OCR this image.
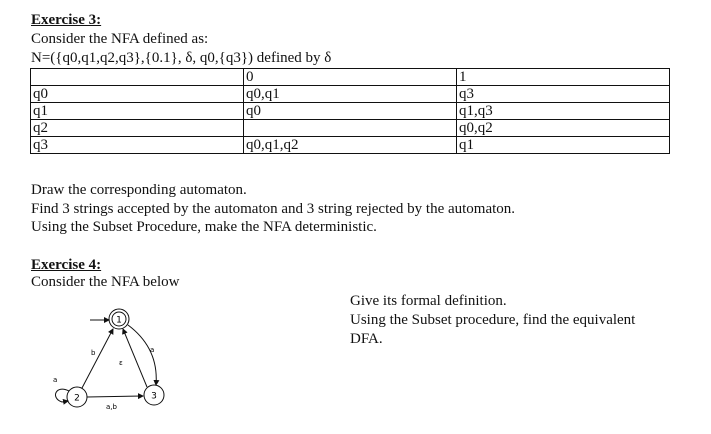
Exercise 3:
Consider the NFA defined as:
N=({q0,q1,q2,q3},{0.1}, δ, q0,{q3}) defined by δ
	0	1
q0	q0,q1	q3
q1	q0	q1,q3
q2		q0,q2
q3	q0,q1,q2	q1
Draw the corresponding automaton.
Find 3 strings accepted by the automaton and 3 string rejected by the automaton.
Using the Subset Procedure, make the NFA deterministic.
Exercise 4:
Consider the NFA below
Give its formal definition.
Using the Subset procedure, find the equivalent
DFA.
1
2	3
b	a
ε
a,b
a
